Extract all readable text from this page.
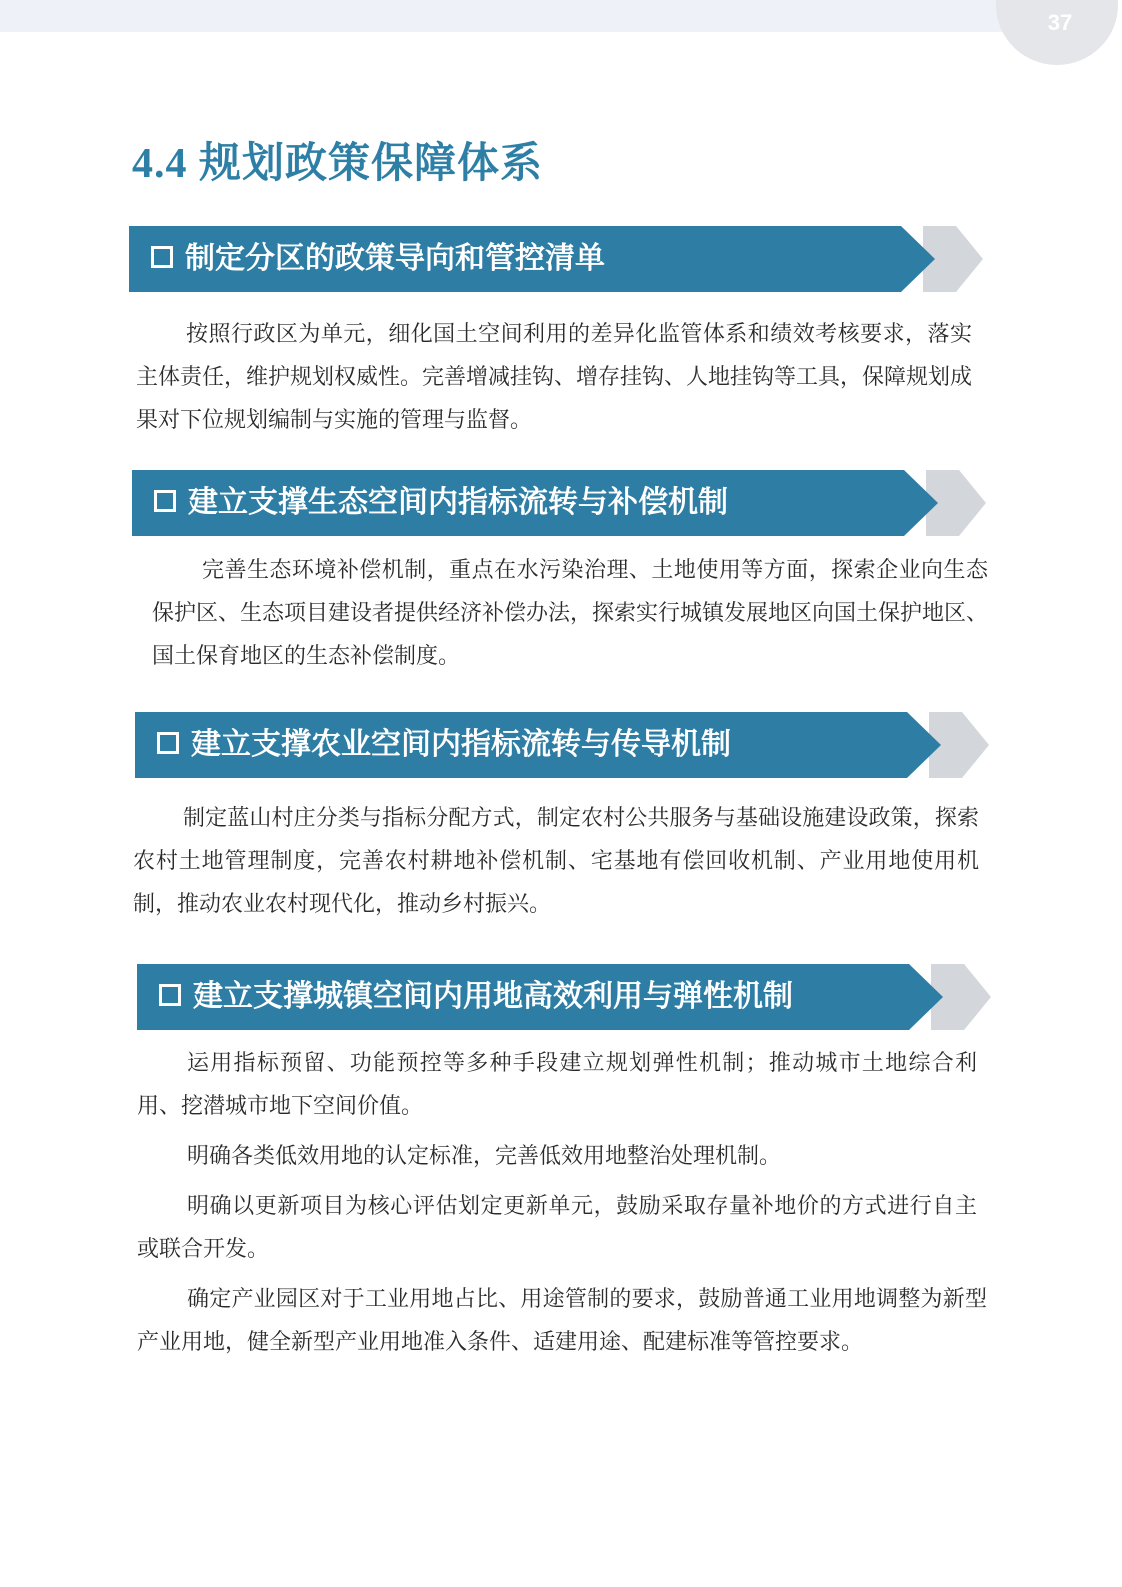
37
4.4 规划政策保障体系
制定分区的政策导向和管控清单

按照行政区为单元，细化国土空间利用的差异化监管体系和绩效考核要求，落实主体责任，维护规划权威性。完善增减挂钩、增存挂钩、人地挂钩等工具，保障规划成果对下位规划编制与实施的管理与监督。

建立支撑生态空间内指标流转与补偿机制

完善生态环境补偿机制，重点在水污染治理、土地使用等方面，探索企业向生态保护区、生态项目建设者提供经济补偿办法，探索实行城镇发展地区向国土保护地区、国土保育地区的生态补偿制度。

建立支撑农业空间内指标流转与传导机制

制定蓝山村庄分类与指标分配方式，制定农村公共服务与基础设施建设政策，探索农村土地管理制度，完善农村耕地补偿机制、宅基地有偿回收机制、产业用地使用机制，推动农业农村现代化，推动乡村振兴。

建立支撑城镇空间内用地高效利用与弹性机制

运用指标预留、功能预控等多种手段建立规划弹性机制；推动城市土地综合利用、挖潜城市地下空间价值。

明确各类低效用地的认定标准，完善低效用地整治处理机制。

明确以更新项目为核心评估划定更新单元，鼓励采取存量补地价的方式进行自主或联合开发。

确定产业园区对于工业用地占比、用途管制的要求，鼓励普通工业用地调整为新型产业用地，健全新型产业用地准入条件、适建用途、配建标准等管控要求。
